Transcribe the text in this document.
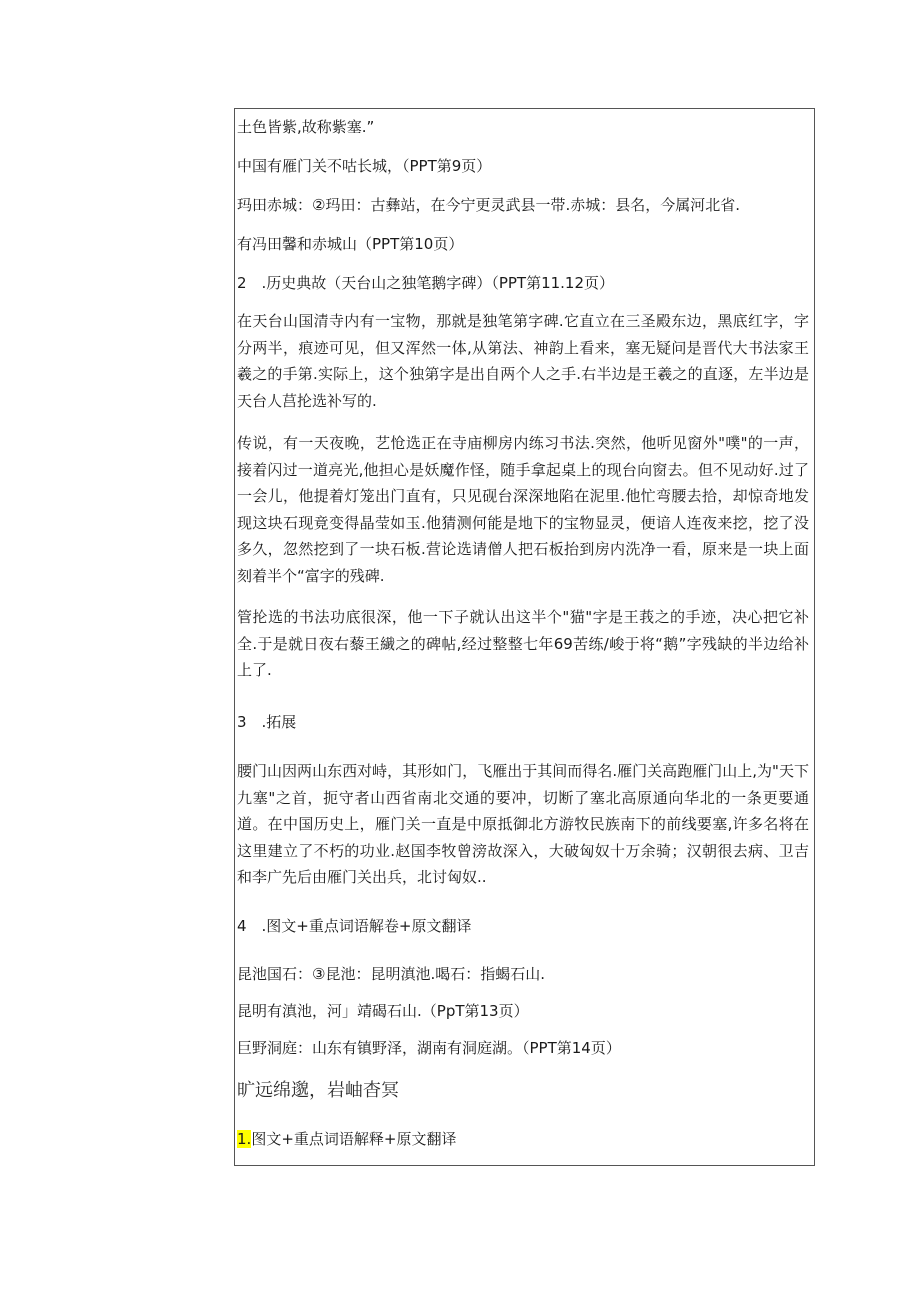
土色皆紫,故称紫塞.”
中国有雁门关不咕长城，（PPT第9页）
玛田赤城：②玛田：古彝站，在今宁更灵武县一带.赤城：县名，今属河北省.
有冯田馨和赤城山（PPT第10页）
2　.历史典故（天台山之独笔鹅字碑）（PPT第11.12页）
在天台山国清寺内有一宝物，那就是独笔第字碑.它直立在三圣殿东边，黑底红字，字分两半，痕迹可见，但又浑然一体,从第法、神韵上看来，塞无疑问是晋代大书法家王羲之的手第.实际上，这个独第字是出自两个人之手.右半边是王羲之的直逐，左半边是天台人莒抡选补写的.
传说，有一天夜晚，艺怆选正在寺庙柳房内练习书法.突然，他听见窗外"噗"的一声，接着闪过一道亮光,他担心是妖魔作怪，随手拿起桌上的现台向窗去。但不见动好.过了一会儿，他提着灯笼出门直有，只见砚台深深地陷在泥里.他忙弯腰去拾，却惊奇地发现这块石现竟变得晶莹如玉.他猜测何能是地下的宝物显灵，便谙人连夜来挖，挖了没多久，忽然挖到了一块石板.营论选请僧人把石板抬到房内洗净一看，原来是一块上面刻着半个“富字的残碑.
管抡选的书法功底很深，他一下子就认出这半个"猫"字是王莪之的手迹，决心把它补全.于是就日夜右藜王繊之的碑帖,经过整整七年69苦练/峻于将“鹅”字残缺的半边给补上了.
3　.拓展
腰门山因两山东西对峙，其形如门，飞雁出于其间而得名.雁门关高跑雁门山上,为"天下九塞"之首，扼守者山西省南北交通的要冲，切断了塞北高原通向华北的一条更要通道。在中国历史上，雁门关一直是中原抵御北方游牧民族南下的前线要塞,许多名将在这里建立了不朽的功业.赵国李牧曾滂故深入，大破匈奴十万余骑；汉朝很去病、卫吉和李广先后由雁门关出兵，北讨匈奴..
4　.图文+重点词语解卷+原文翻译
昆池国石：③昆池：昆明滇池.喝石：指蝎石山.
昆明有滇池，河」靖碣石山.（PpT第13页）
巨野洞庭：山东有镇野泽，湖南有洞庭湖。（PPT第14页）
旷远绵邈，岩岫杳冥
1.图文+重点词语解释+原文翻译
